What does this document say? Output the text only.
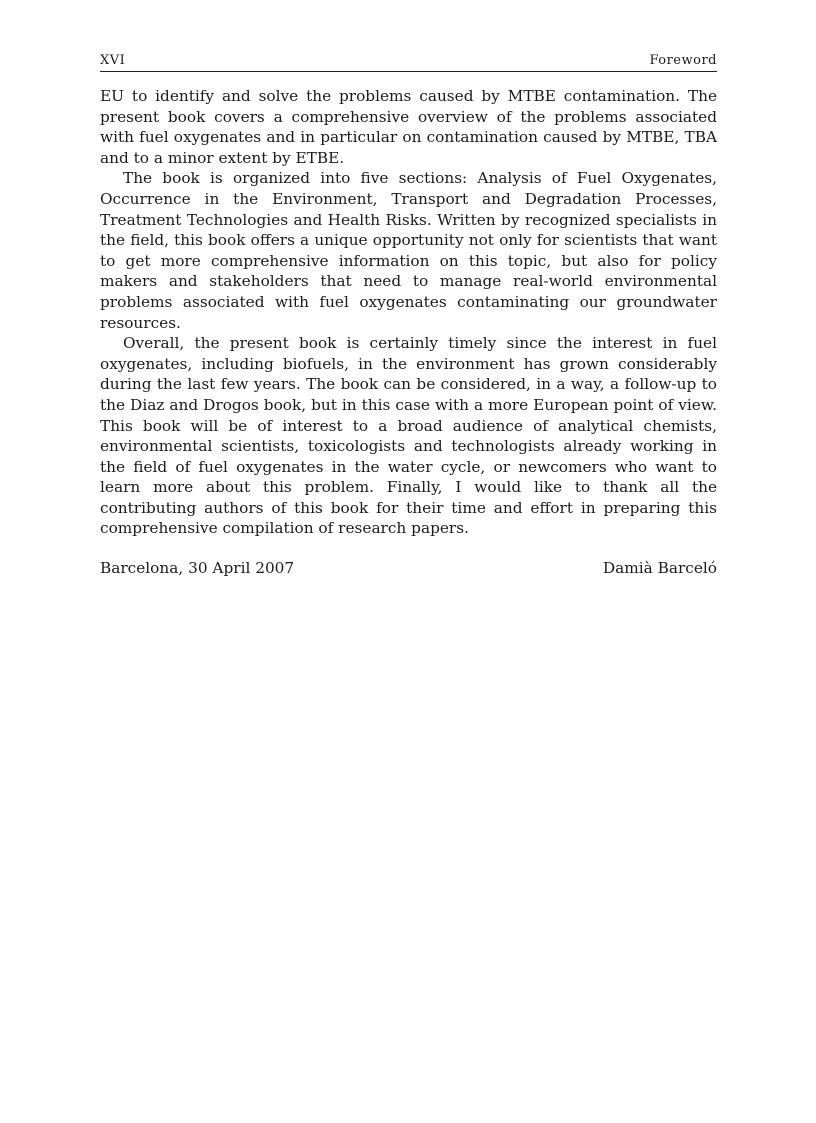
XVI	Foreword

EU to identify and solve the problems caused by MTBE contamination. The present book covers a comprehensive overview of the problems associated with fuel oxygenates and in particular on contamination caused by MTBE, TBA and to a minor extent by ETBE.

The book is organized into five sections: Analysis of Fuel Oxygenates, Occurrence in the Environment, Transport and Degradation Processes, Treatment Technologies and Health Risks. Written by recognized specialists in the field, this book offers a unique opportunity not only for scientists that want to get more comprehensive information on this topic, but also for policy makers and stakeholders that need to manage real-world environmental problems associated with fuel oxygenates contaminating our groundwater resources.

Overall, the present book is certainly timely since the interest in fuel oxygenates, including biofuels, in the environment has grown considerably during the last few years. The book can be considered, in a way, a follow-up to the Diaz and Drogos book, but in this case with a more European point of view. This book will be of interest to a broad audience of analytical chemists, environmental scientists, toxicologists and technologists already working in the field of fuel oxygenates in the water cycle, or newcomers who want to learn more about this problem. Finally, I would like to thank all the contributing authors of this book for their time and effort in preparing this comprehensive compilation of research papers.

Barcelona, 30 April 2007	Damià Barceló
